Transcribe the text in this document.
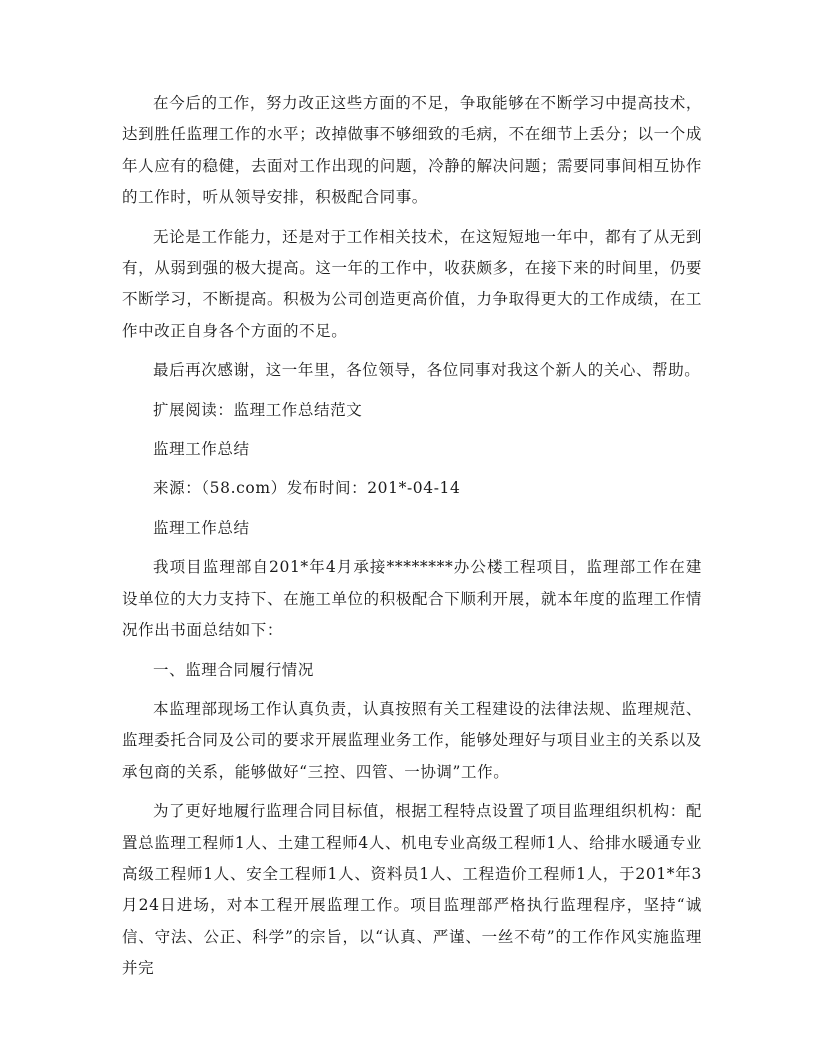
在今后的工作，努力改正这些方面的不足，争取能够在不断学习中提高技术，达到胜任监理工作的水平；改掉做事不够细致的毛病，不在细节上丢分；以一个成年人应有的稳健，去面对工作出现的问题，冷静的解决问题；需要同事间相互协作的工作时，听从领导安排，积极配合同事。

无论是工作能力，还是对于工作相关技术，在这短短地一年中，都有了从无到有，从弱到强的极大提高。这一年的工作中，收获颇多，在接下来的时间里，仍要不断学习，不断提高。积极为公司创造更高价值，力争取得更大的工作成绩，在工作中改正自身各个方面的不足。

最后再次感谢，这一年里，各位领导，各位同事对我这个新人的关心、帮助。

扩展阅读：监理工作总结范文

监理工作总结

来源：（58.com）发布时间：201*-04-14

监理工作总结

我项目监理部自201*年4月承接********办公楼工程项目，监理部工作在建设单位的大力支持下、在施工单位的积极配合下顺利开展，就本年度的监理工作情况作出书面总结如下：

一、监理合同履行情况

本监理部现场工作认真负责，认真按照有关工程建设的法律法规、监理规范、监理委托合同及公司的要求开展监理业务工作，能够处理好与项目业主的关系以及承包商的关系，能够做好“三控、四管、一协调”工作。

为了更好地履行监理合同目标值，根据工程特点设置了项目监理组织机构：配置总监理工程师1人、土建工程师4人、机电专业高级工程师1人、给排水暖通专业高级工程师1人、安全工程师1人、资料员1人、工程造价工程师1人，于201*年3月24日进场，对本工程开展监理工作。项目监理部严格执行监理程序，坚持“诚信、守法、公正、科学”的宗旨，以“认真、严谨、一丝不苟”的工作作风实施监理并完
